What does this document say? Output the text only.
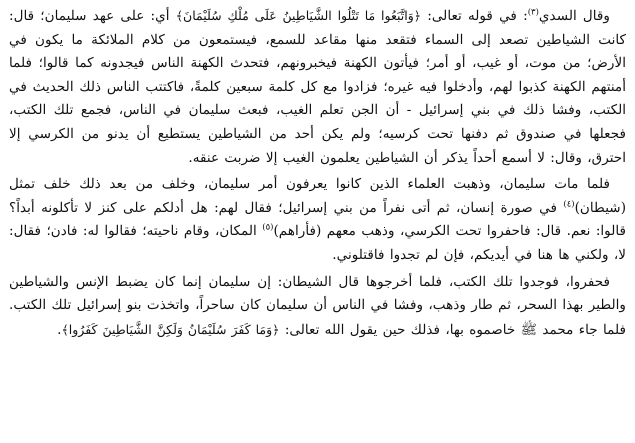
وقال السدي$^{(٣)}$: في قوله تعالى: ﴿وَاتَّبَعُوا مَا تَتْلُوا الشَّيَاطِينُ عَلَى مُلْكِ سُلَيْمَانَ﴾ أي: على عهد سليمان؛ قال: كانت الشياطين تصعد إلى السماء فتقعد منها مقاعد للسمع، فيستمعون من كلام الملائكة ما يكون في الأرض؛ من موت، أو غيب، أو أمر؛ فيأتون الكهنة فيخبرونهم، فتحدث الكهنة الناس فيجدونه كما قالوا؛ فلما أمنتهم الكهنة كذبوا لهم، وأدخلوا فيه غيره؛ فزادوا مع كل كلمة سبعين كلمةً، فاكتتب الناس ذلك الحديث في الكتب، وفشا ذلك في بني إسرائيل - أن الجن تعلم الغيب، فبعث سليمان في الناس، فجمع تلك الكتب، فجعلها في صندوق ثم دفنها تحت كرسيه؛ ولم يكن أحد من الشياطين يستطيع أن يدنو من الكرسي إلا احترق، وقال: لا أسمع أحداً يذكر أن الشياطين يعلمون الغيب إلا ضربت عنقه.

فلما مات سليمان، وذهبت العلماء الذين كانوا يعرفون أمر سليمان، وخلف من بعد ذلك خلف تمثل (شيطان)$^{(٤)}$ في صورة إنسان، ثم أتى نفراً من بني إسرائيل؛ فقال لهم: هل أدلكم على كنز لا تأكلونه أبداً؟ قالوا: نعم. قال: فاحفروا تحت الكرسي، وذهب معهم (فأراهم)$^{(٥)}$ المكان، وقام ناحيته؛ فقالوا له: فادن؛ فقال: لا، ولكني ها هنا في أيديكم، فإن لم تجدوا فاقتلوني.

فحفروا، فوجدوا تلك الكتب، فلما أخرجوها قال الشيطان: إن سليمان إنما كان يضبط الإنس والشياطين والطير بهذا السحر، ثم طار وذهب، وفشا في الناس أن سليمان كان ساحراً، واتخذت بنو إسرائيل تلك الكتب. فلما جاء محمد ﷺ خاصموه بها، فذلك حين يقول الله تعالى: ﴿وَمَا كَفَرَ سُلَيْمَانُ وَلَكِنَّ الشَّيَاطِينَ كَفَرُوا﴾.
